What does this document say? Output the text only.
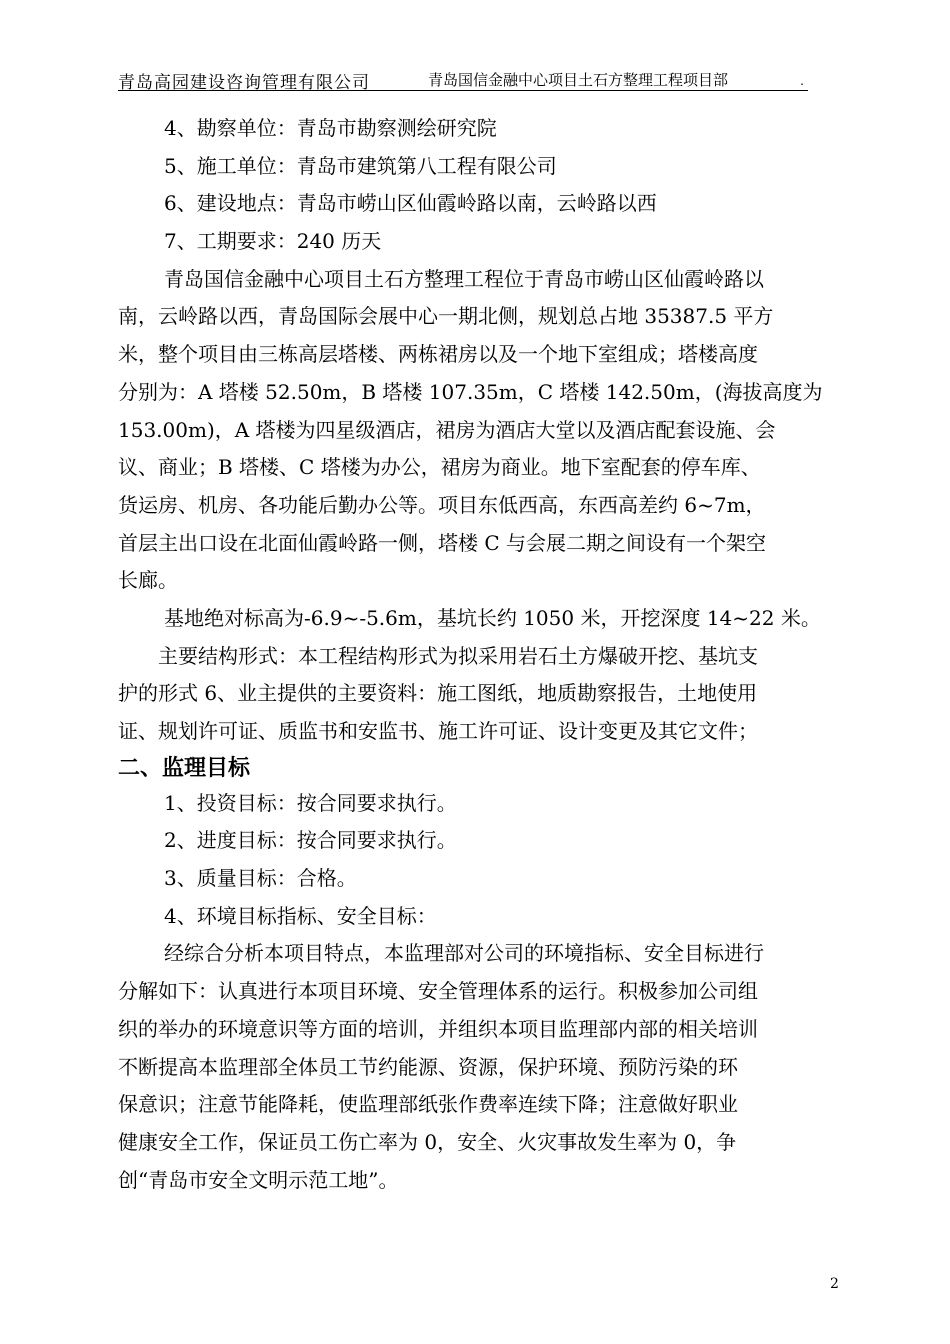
青岛高园建设咨询管理有限公司	青岛国信金融中心项目土石方整理工程项目部	.
4、勘察单位：青岛市勘察测绘研究院
5、施工单位：青岛市建筑第八工程有限公司
6、建设地点：青岛市崂山区仙霞岭路以南，云岭路以西
7、工期要求：240 历天
青岛国信金融中心项目土石方整理工程位于青岛市崂山区仙霞岭路以
南，云岭路以西，青岛国际会展中心一期北侧，规划总占地 35387.5 平方
米，整个项目由三栋高层塔楼、两栋裙房以及一个地下室组成；塔楼高度
分别为：A 塔楼 52.50m，B 塔楼 107.35m，C 塔楼 142.50m，(海拔高度为
153.00m)，A 塔楼为四星级酒店，裙房为酒店大堂以及酒店配套设施、会
议、商业；B 塔楼、C 塔楼为办公，裙房为商业。地下室配套的停车库、
货运房、机房、各功能后勤办公等。项目东低西高，东西高差约 6~7m，
首层主出口设在北面仙霞岭路一侧，塔楼 C 与会展二期之间设有一个架空
长廊。
基地绝对标高为-6.9~-5.6m，基坑长约 1050 米，开挖深度 14~22 米。
主要结构形式：本工程结构形式为拟采用岩石土方爆破开挖、基坑支
护的形式 6、业主提供的主要资料：施工图纸，地质勘察报告，土地使用
证、规划许可证、质监书和安监书、施工许可证、设计变更及其它文件；
二、监理目标
1、投资目标：按合同要求执行。
2、进度目标：按合同要求执行。
3、质量目标：合格。
4、环境目标指标、安全目标：
经综合分析本项目特点，本监理部对公司的环境指标、安全目标进行
分解如下：认真进行本项目环境、安全管理体系的运行。积极参加公司组
织的举办的环境意识等方面的培训，并组织本项目监理部内部的相关培训
不断提高本监理部全体员工节约能源、资源，保护环境、预防污染的环
保意识；注意节能降耗，使监理部纸张作费率连续下降；注意做好职业
健康安全工作，保证员工伤亡率为 0，安全、火灾事故发生率为 0，争
创“青岛市安全文明示范工地”。
2
